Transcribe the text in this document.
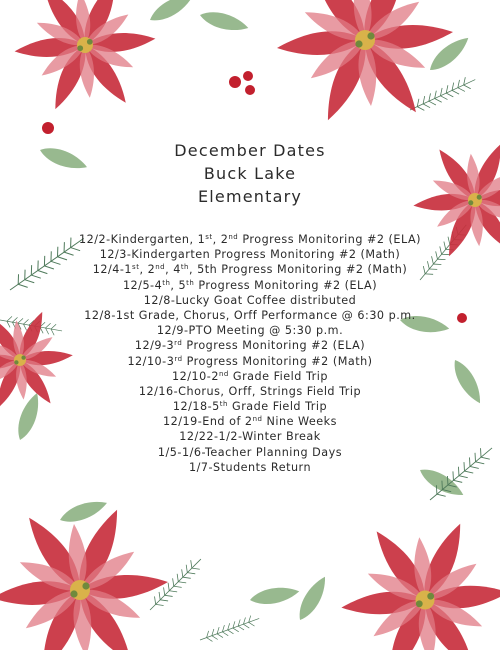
December Dates
Buck Lake
Elementary
12/2-Kindergarten, 1st, 2nd Progress Monitoring #2 (ELA)
12/3-Kindergarten Progress Monitoring #2 (Math)
12/4-1st, 2nd, 4th, 5th Progress Monitoring #2 (Math)
12/5-4th, 5th Progress Monitoring #2 (ELA)
12/8-Lucky Goat Coffee distributed
12/8-1st Grade, Chorus, Orff Performance @ 6:30 p.m.
12/9-PTO Meeting @ 5:30 p.m.
12/9-3rd Progress Monitoring #2 (ELA)
12/10-3rd Progress Monitoring #2 (Math)
12/10-2nd Grade Field Trip
12/16-Chorus, Orff, Strings Field Trip
12/18-5th Grade Field Trip
12/19-End of 2nd Nine Weeks
12/22-1/2-Winter Break
1/5-1/6-Teacher Planning Days
1/7-Students Return
